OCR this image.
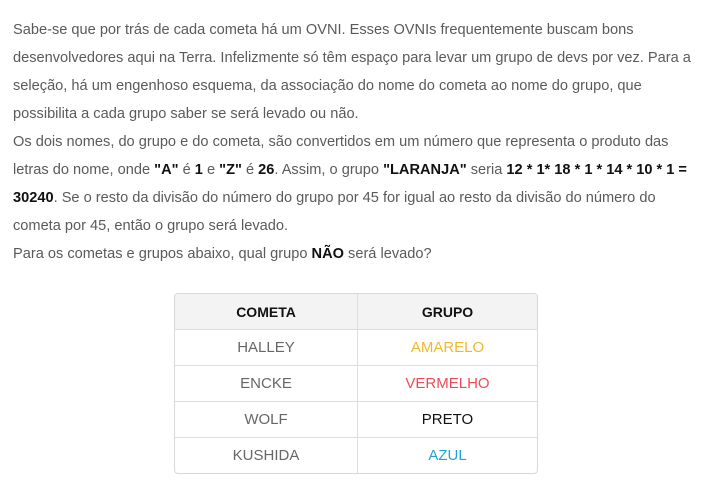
Sabe-se que por trás de cada cometa há um OVNI. Esses OVNIs frequentemente buscam bons desenvolvedores aqui na Terra. Infelizmente só têm espaço para levar um grupo de devs por vez. Para a seleção, há um engenhoso esquema, da associação do nome do cometa ao nome do grupo, que possibilita a cada grupo saber se será levado ou não.

Os dois nomes, do grupo e do cometa, são convertidos em um número que representa o produto das letras do nome, onde "A" é 1 e "Z" é 26. Assim, o grupo "LARANJA" seria 12 * 1* 18 * 1 * 14 * 10 * 1 = 30240. Se o resto da divisão do número do grupo por 45 for igual ao resto da divisão do número do cometa por 45, então o grupo será levado.

Para os cometas e grupos abaixo, qual grupo NÃO será levado?

COMETA	GRUPO
HALLEY	AMARELO
ENCKE	VERMELHO
WOLF	PRETO
KUSHIDA	AZUL
